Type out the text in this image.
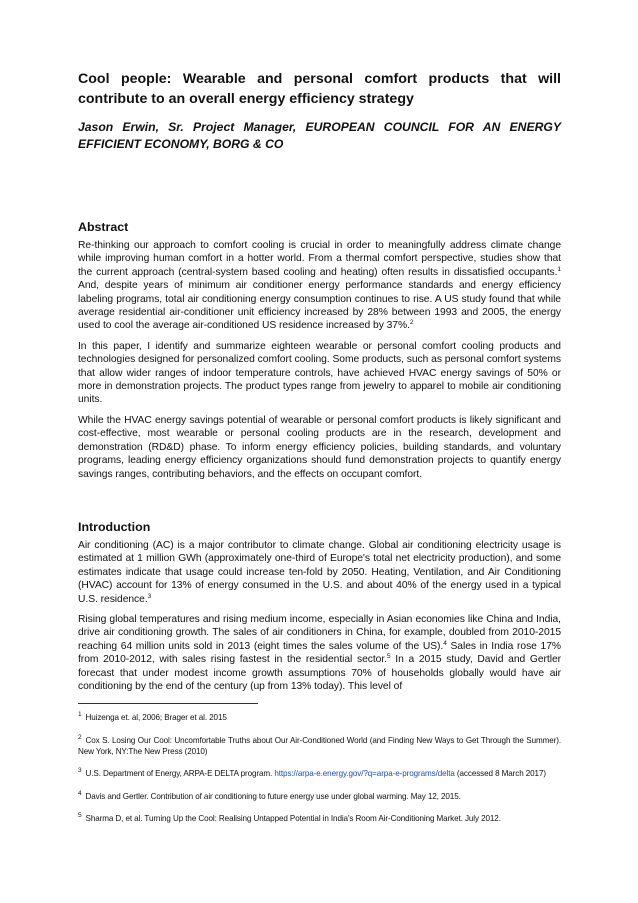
Cool people: Wearable and personal comfort products that will contribute to an overall energy efficiency strategy
Jason Erwin, Sr. Project Manager, EUROPEAN COUNCIL FOR AN ENERGY EFFICIENT ECONOMY, BORG & CO
Abstract

Re-thinking our approach to comfort cooling is crucial in order to meaningfully address climate change while improving human comfort in a hotter world. From a thermal comfort perspective, studies show that the current approach (central-system based cooling and heating) often results in dissatisfied occupants.$^1$ And, despite years of minimum air conditioner energy performance standards and energy efficiency labeling programs, total air conditioning energy consumption continues to rise. A US study found that while average residential air-conditioner unit efficiency increased by 28% between 1993 and 2005, the energy used to cool the average air-conditioned US residence increased by 37%.$^2$

In this paper, I identify and summarize eighteen wearable or personal comfort cooling products and technologies designed for personalized comfort cooling. Some products, such as personal comfort systems that allow wider ranges of indoor temperature controls, have achieved HVAC energy savings of 50% or more in demonstration projects. The product types range from jewelry to apparel to mobile air conditioning units.

While the HVAC energy savings potential of wearable or personal comfort products is likely significant and cost-effective, most wearable or personal cooling products are in the research, development and demonstration (RD&D) phase. To inform energy efficiency policies, building standards, and voluntary programs, leading energy efficiency organizations should fund demonstration projects to quantify energy savings ranges, contributing behaviors, and the effects on occupant comfort.

Introduction

Air conditioning (AC) is a major contributor to climate change. Global air conditioning electricity usage is estimated at 1 million GWh (approximately one-third of Europe's total net electricity production), and some estimates indicate that usage could increase ten-fold by 2050. Heating, Ventilation, and Air Conditioning (HVAC) account for 13% of energy consumed in the U.S. and about 40% of the energy used in a typical U.S. residence.$^3$

Rising global temperatures and rising medium income, especially in Asian economies like China and India, drive air conditioning growth. The sales of air conditioners in China, for example, doubled from 2010-2015 reaching 64 million units sold in 2013 (eight times the sales volume of the US).$^4$ Sales in India rose 17% from 2010-2012, with sales rising fastest in the residential sector.$^5$ In a 2015 study, David and Gertler forecast that under modest income growth assumptions 70% of households globally would have air conditioning by the end of the century (up from 13% today). This level of

$^1$ Huizenga et. al, 2006; Brager et al. 2015

$^2$ Cox S. Losing Our Cool: Uncomfortable Truths about Our Air-Conditioned World (and Finding New Ways to Get Through the Summer). New York, NY:The New Press (2010)

$^3$ U.S. Department of Energy, ARPA-E DELTA program. https://arpa-e.energy.gov/?q=arpa-e-programs/delta (accessed 8 March 2017)

$^4$ Davis and Gertler. Contribution of air conditioning to future energy use under global warming. May 12, 2015.

$^5$ Sharma D, et al. Turning Up the Cool: Realising Untapped Potential in India's Room Air-Conditioning Market. July 2012.
